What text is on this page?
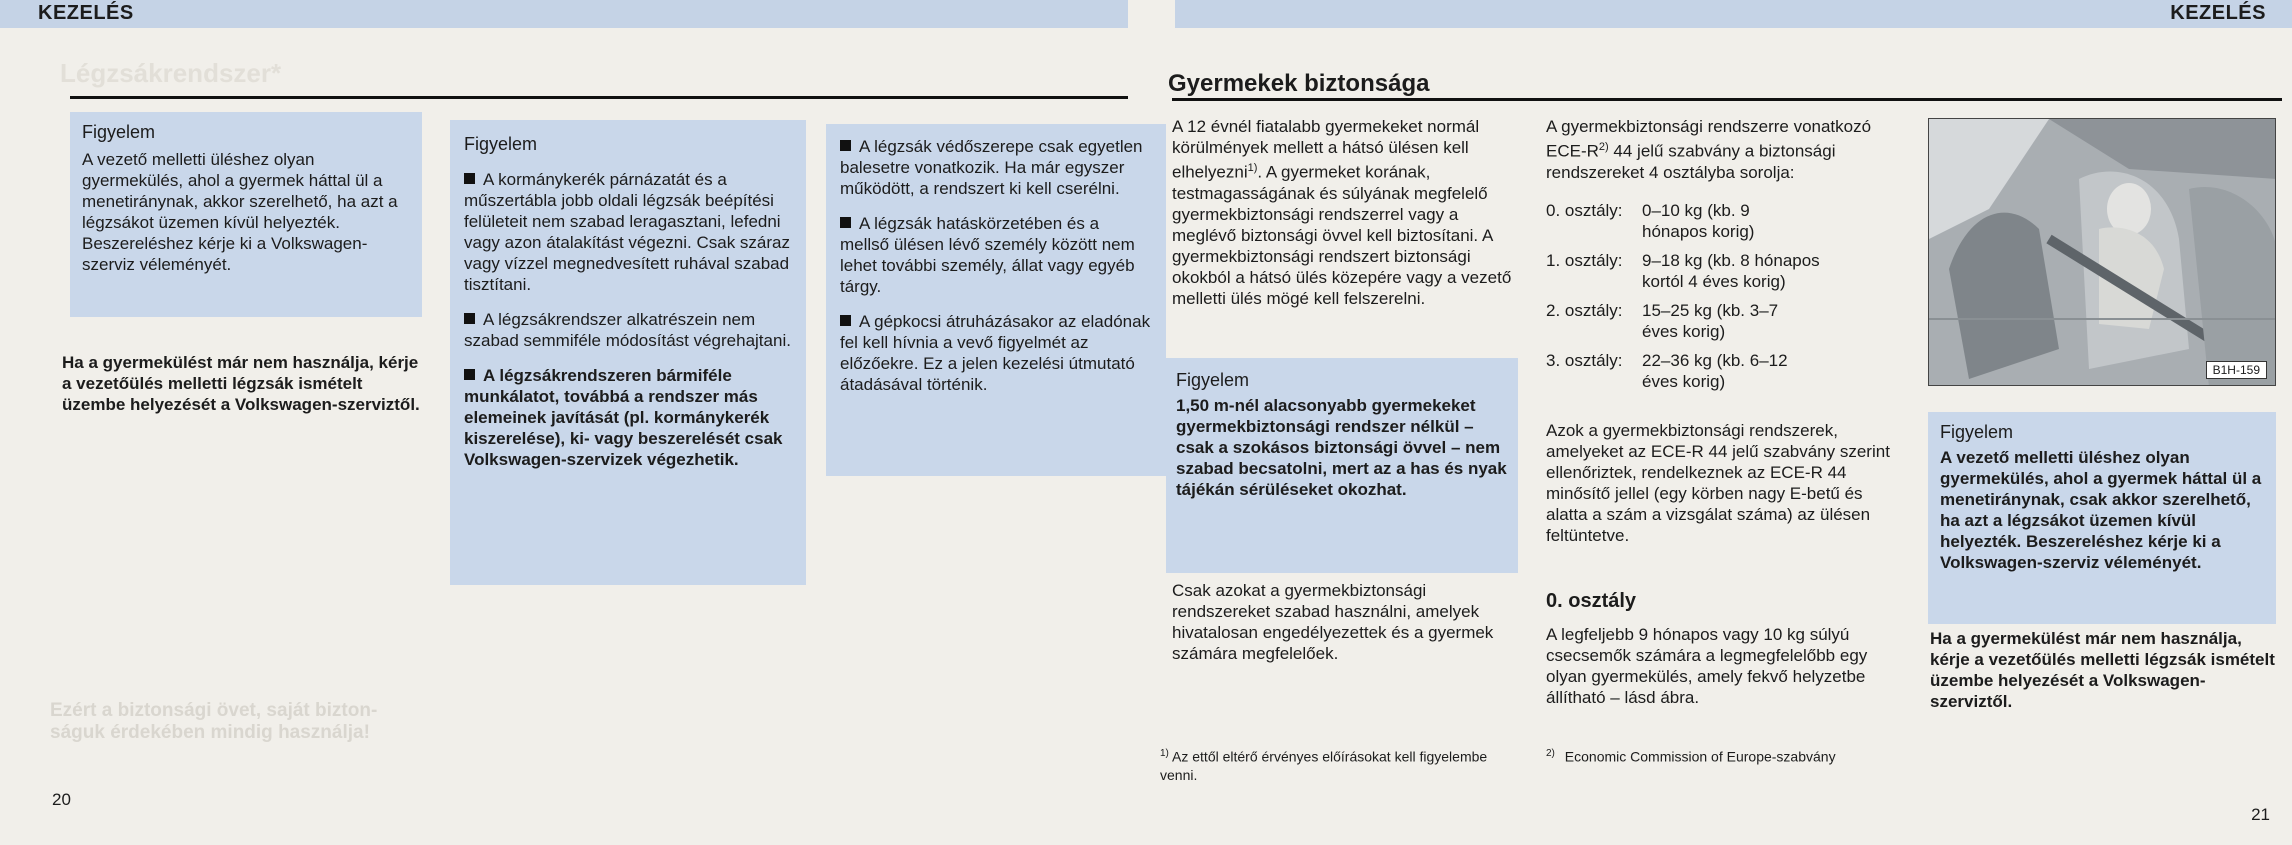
KEZELÉS	KEZELÉS
Légzsákrendszer*	Gyermekek biztonsága

Figyelem

A vezető melletti üléshez olyan gyermekülés, ahol a gyermek háttal ül a menetiránynak, akkor szerelhető, ha azt a légzsákot üzemen kívül helyezték. Beszereléshez kérje ki a Volkswagen-szerviz véleményét.

Ha a gyermekülést már nem használja, kérje a vezetőülés melletti légzsák ismételt üzembe helyezését a Volkswagen-szerviztől.
Ezért a biztonsági övet, saját bizton- ságuk érdekében mindig használja!

Figyelem

A kormánykerék párnázatát és a műszertábla jobb oldali légzsák beépítési felületeit nem szabad leragasztani, lefedni vagy azon átalakítást végezni. Csak száraz vagy vízzel megnedvesített ruhával szabad tisztítani.

A légzsákrendszer alkatrészein nem szabad semmiféle módosítást végrehajtani.

A légzsákrendszeren bármiféle munkálatot, továbbá a rendszer más elemeinek javítását (pl. kormánykerék kiszerelése), ki- vagy beszerelését csak Volkswagen-szervizek végezhetik.

A légzsák védőszerepe csak egyetlen balesetre vonatkozik. Ha már egyszer működött, a rendszert ki kell cserélni.

A légzsák hatáskörzetében és a mellső ülésen lévő személy között nem lehet további személy, állat vagy egyéb tárgy.

A gépkocsi átruházásakor az eladónak fel kell hívnia a vevő figyelmét az előzőekre. Ez a jelen kezelési útmutató átadásával történik.

A 12 évnél fiatalabb gyermekeket normál körülmények mellett a hátsó ülésen kell elhelyezni$^{1)}$. A gyermeket korának, testmagasságának és súlyának megfelelő gyermekbiztonsági rendszerrel vagy a meglévő biztonsági övvel kell biztosítani. A gyermekbiztonsági rendszert biztonsági okokból a hátsó ülés közepére vagy a vezető melletti ülés mögé kell felszerelni.

Figyelem

1,50 m-nél alacsonyabb gyermekeket gyermekbiztonsági rendszer nélkül – csak a szokásos biztonsági övvel – nem szabad becsatolni, mert az a has és nyak tájékán sérüléseket okozhat.

Csak azokat a gyermekbiztonsági rendszereket szabad használni, amelyek hivatalosan engedélyezettek és a gyermek számára megfelelőek.
$^{1)}$ Az ettől eltérő érvényes előírásokat kell figyelembe venni.
A gyermekbiztonsági rendszerre vonatkozó ECE-$R^{2)}$ 44 jelű szabvány a biztonsági rendszereket 4 osztályba sorolja:
0. osztály:	0–10 kg (kb. 9 hónapos korig)
1. osztály:	9–18 kg (kb. 8 hónapos kortól 4 éves korig)
2. osztály:	15–25 kg (kb. 3–7 éves korig)
3. osztály:	22–36 kg (kb. 6–12 éves korig)
Azok a gyermekbiztonsági rendszerek, amelyeket az ECE-R 44 jelű szabvány szerint ellenőriztek, rendelkeznek az ECE-R 44 minősítő jellel (egy körben nagy E-betű és alatta a szám a vizsgálat száma) az ülésen feltüntetve.
0. osztály
A legfeljebb 9 hónapos vagy 10 kg súlyú csecsemők számára a legmegfelelőbb egy olyan gyermekülés, amely fekvő helyzetbe állítható – lásd ábra.
$^{2)}$ Economic Commission of Europe-szabvány
B1H-159

Figyelem

A vezető melletti üléshez olyan gyermekülés, ahol a gyermek háttal ül a menetiránynak, csak akkor szerelhető, ha azt a légzsákot üzemen kívül helyezték. Beszereléshez kérje ki a Volkswagen-szerviz véleményét.

Ha a gyermekülést már nem használja, kérje a vezetőülés melletti légzsák ismételt üzembe helyezését a Volkswagen-szerviztől.
20
21
